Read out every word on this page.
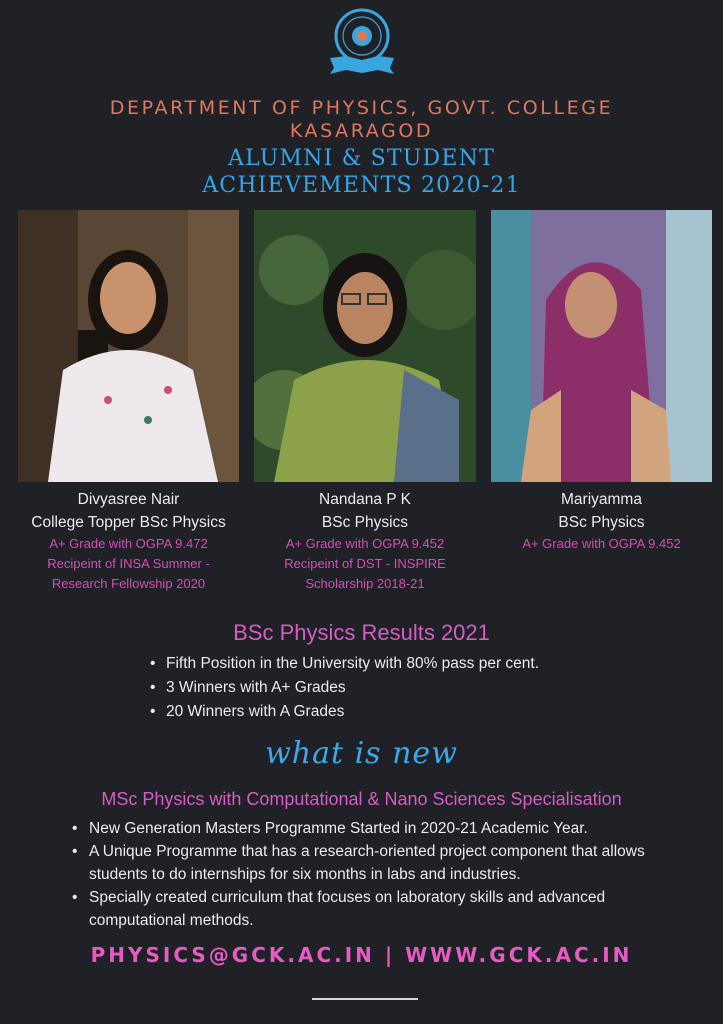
DEPARTMENT OF PHYSICS, GOVT. COLLEGE
KASARAGOD
ALUMNI & STUDENT
ACHIEVEMENTS 2020-21
Divyasree Nair
College Topper BSc Physics
A+ Grade with OGPA 9.472
Recipeint of INSA Summer -
Research Fellowship 2020
Nandana P K
BSc Physics
A+ Grade with OGPA 9.452
Recipeint of DST - INSPIRE
Scholarship 2018-21
Mariyamma
BSc Physics
A+ Grade with OGPA 9.452
BSc Physics Results 2021
• Fifth Position in the University with 80% pass per cent.
• 3 Winners with A+ Grades
• 20 Winners with A Grades
what is new
MSc Physics with Computational & Nano Sciences Specialisation
• New Generation Masters Programme Started in 2020-21 Academic Year.
• A Unique Programme that has a research-oriented project component that allows students to do internships for six months in labs and industries.
• Specially created curriculum that focuses on laboratory skills and advanced computational methods.
PHYSICS@GCK.AC.IN | WWW.GCK.AC.IN
